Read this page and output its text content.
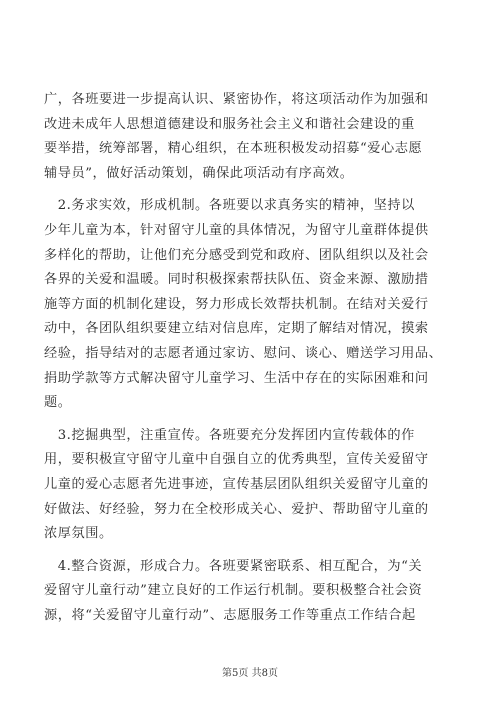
广，各班要进一步提高认识、紧密协作，将这项活动作为加强和
改进未成年人思想道德建设和服务社会主义和谐社会建设的重
要举措，统筹部署，精心组织，在本班积极发动招募“爱心志愿
辅导员”，做好活动策划，确保此项活动有序高效。
　2.务求实效，形成机制。各班要以求真务实的精神，坚持以
少年儿童为本，针对留守儿童的具体情况，为留守儿童群体提供
多样化的帮助，让他们充分感受到党和政府、团队组织以及社会
各界的关爱和温暖。同时积极探索帮扶队伍、资金来源、激励措
施等方面的机制化建设，努力形成长效帮扶机制。在结对关爱行
动中，各团队组织要建立结对信息库，定期了解结对情况，摸索
经验，指导结对的志愿者通过家访、慰问、谈心、赠送学习用品、
捐助学款等方式解决留守儿童学习、生活中存在的实际困难和问
题。
　3.挖掘典型，注重宣传。各班要充分发挥团内宣传载体的作
用，要积极宣守留守儿童中自强自立的优秀典型，宣传关爱留守
儿童的爱心志愿者先进事迹，宣传基层团队组织关爱留守儿童的
好做法、好经验，努力在全校形成关心、爱护、帮助留守儿童的
浓厚氛围。
　4.整合资源，形成合力。各班要紧密联系、相互配合，为“关
爱留守儿童行动”建立良好的工作运行机制。要积极整合社会资
源，将“关爱留守儿童行动”、志愿服务工作等重点工作结合起
第5页 共8页
